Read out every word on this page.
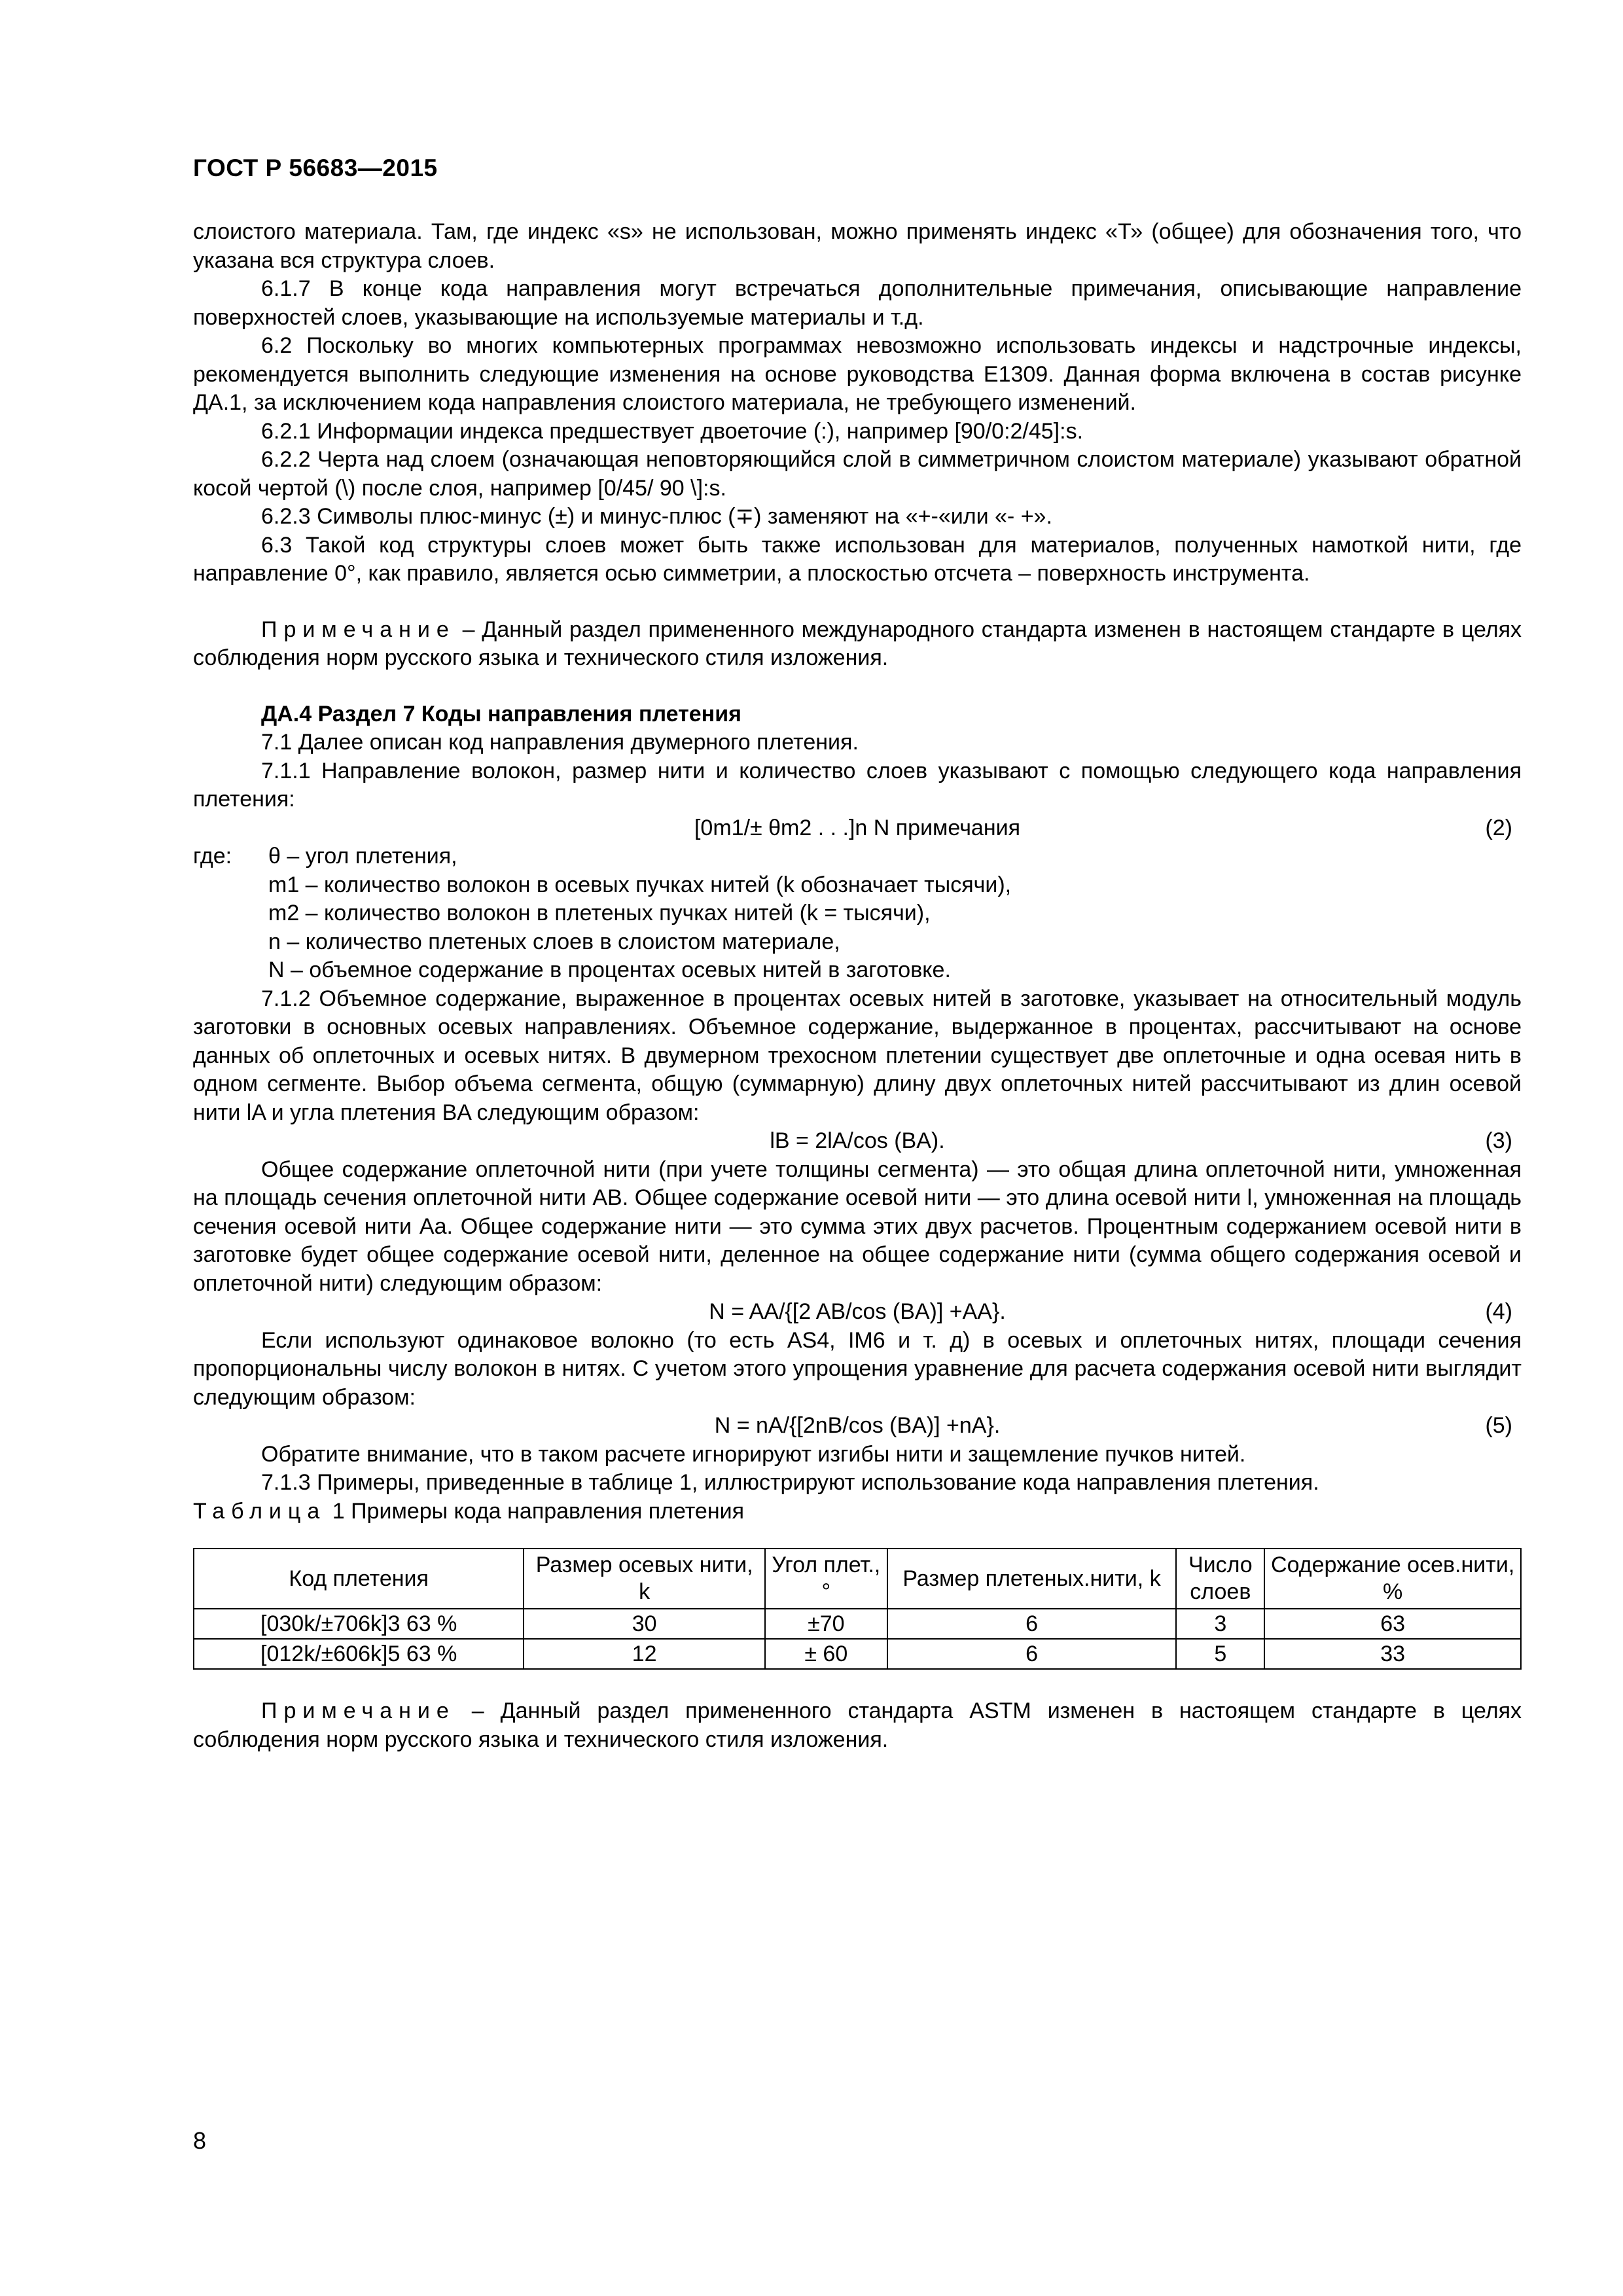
ГОСТ Р 56683—2015

слоистого материала. Там, где индекс «s» не использован, можно применять индекс «Т» (общее) для обозначения того, что указана вся структура слоев.

6.1.7 В конце кода направления могут встречаться дополнительные примечания, описывающие направление поверхностей слоев, указывающие на используемые материалы и т.д.

6.2 Поскольку во многих компьютерных программах невозможно использовать индексы и надстрочные индексы, рекомендуется выполнить следующие изменения на основе руководства E1309. Данная форма включена в состав рисунке ДА.1, за исключением кода направления слоистого материала, не требующего изменений.

6.2.1 Информации индекса предшествует двоеточие (:), например [90/0:2/45]:s.

6.2.2 Черта над слоем (означающая неповторяющийся слой в симметричном слоистом материале) указывают обратной косой чертой (\) после слоя, например [0/45/ 90 \]:s.

6.2.3 Символы плюс-минус (±) и минус-плюс (∓) заменяют на «+-«или «- +».

6.3 Такой код структуры слоев может быть также использован для материалов, полученных намоткой нити, где направление 0°, как правило, является осью симметрии, а плоскостью отсчета – поверхность инструмента.

Примечание – Данный раздел примененного международного стандарта изменен в настоящем стандарте в целях соблюдения норм русского языка и технического стиля изложения.

ДА.4 Раздел 7 Коды направления плетения

7.1 Далее описан код направления двумерного плетения.

7.1.1 Направление волокон, размер нити и количество слоев указывают с помощью следующего кода направления плетения:

[0m1/± θm2 . . .]n N примечания	(2)
где:	θ – угол плетения,
m1 – количество волокон в осевых пучках нитей (k обозначает тысячи),
m2 – количество волокон в плетеных пучках нитей (k = тысячи),
n – количество плетеных слоев в слоистом материале,
N – объемное содержание в процентах осевых нитей в заготовке.

7.1.2 Объемное содержание, выраженное в процентах осевых нитей в заготовке, указывает на относительный модуль заготовки в основных осевых направлениях. Объемное содержание, выдержанное в процентах, рассчитывают на основе данных об оплеточных и осевых нитях. В двумерном трехосном плетении существует две оплеточные и одна осевая нить в одном сегменте. Выбор объема сегмента, общую (суммарную) длину двух оплеточных нитей рассчитывают из длин осевой нити lA и угла плетения BA следующим образом:

lB = 2lA/cos (BA).	(3)

Общее содержание оплеточной нити (при учете толщины сегмента) — это общая длина оплеточной нити, умноженная на площадь сечения оплеточной нити AB. Общее содержание осевой нити — это длина осевой нити l, умноженная на площадь сечения осевой нити Aa. Общее содержание нити — это сумма этих двух расчетов. Процентным содержанием осевой нити в заготовке будет общее содержание осевой нити, деленное на общее содержание нити (сумма общего содержания осевой и оплеточной нити) следующим образом:

N = AA/{[2 AB/cos (BA)] +AA}.	(4)

Если используют одинаковое волокно (то есть AS4, IM6 и т. д) в осевых и оплеточных нитях, площади сечения пропорциональны числу волокон в нитях. С учетом этого упрощения уравнение для расчета содержания осевой нити выглядит следующим образом:

N = nA/{[2nB/cos (BA)] +nA}.	(5)

Обратите внимание, что в таком расчете игнорируют изгибы нити и защемление пучков нитей.

7.1.3 Примеры, приведенные в таблице 1, иллюстрируют использование кода направления плетения.

Таблица 1 Примеры кода направления плетения

Код плетения	Размер осевых нити, k	Угол плет., °	Размер плетеных.нити, k	Число слоев	Содержание осев.нити, %
[030k/±706k]3 63 %	30	±70	6	3	63
[012k/±606k]5 63 %	12	± 60	6	5	33

Примечание – Данный раздел примененного стандарта ASTM изменен в настоящем стандарте в целях соблюдения норм русского языка и технического стиля изложения.

8
